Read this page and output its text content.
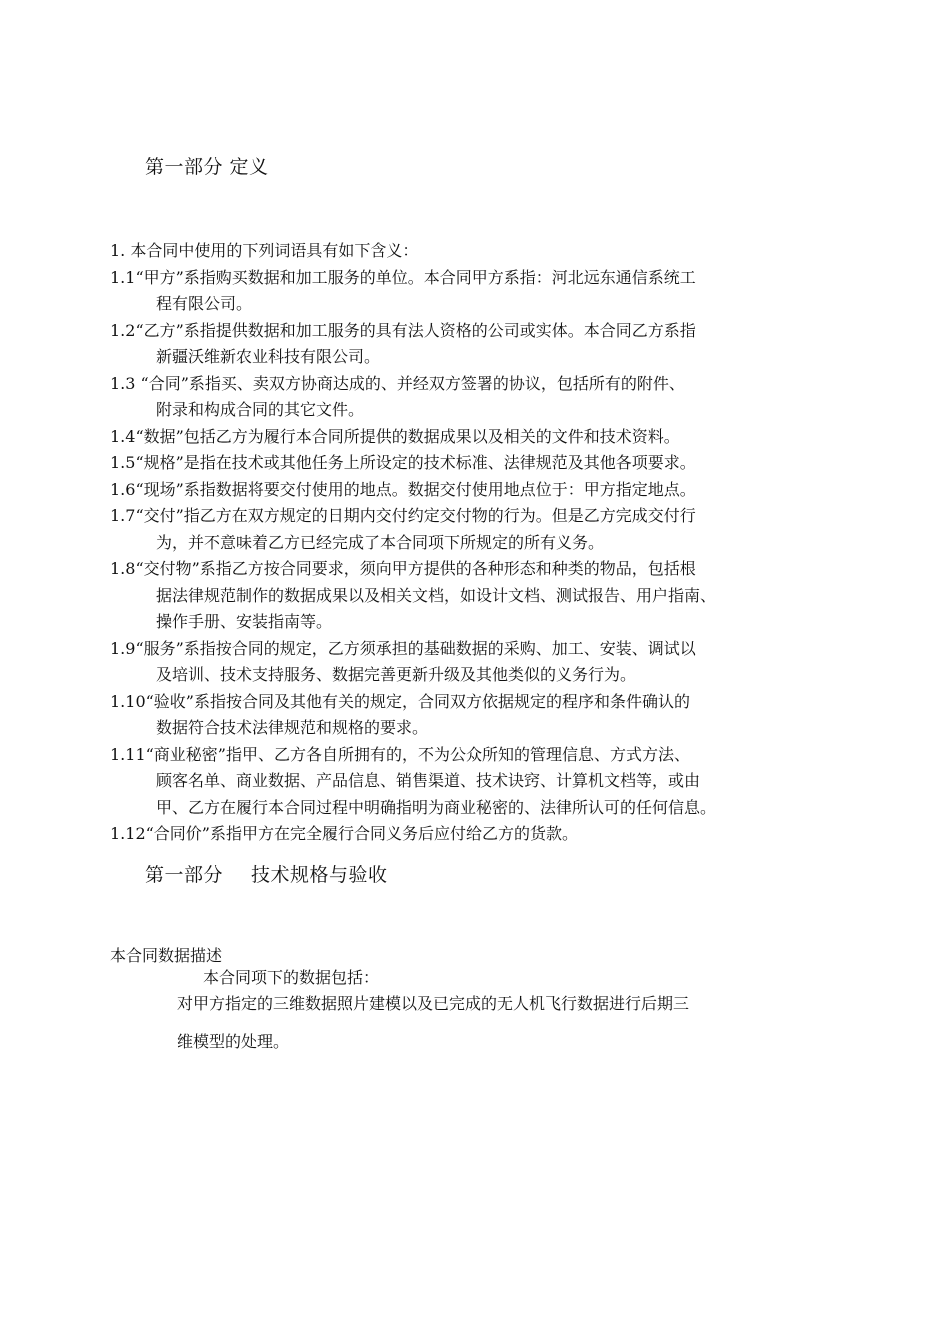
第一部分 定义
1. 本合同中使用的下列词语具有如下含义：
1.1“甲方”系指购买数据和加工服务的单位。本合同甲方系指：河北远东通信系统工
程有限公司。
1.2“乙方”系指提供数据和加工服务的具有法人资格的公司或实体。本合同乙方系指
新疆沃维新农业科技有限公司。
1.3 “合同”系指买、卖双方协商达成的、并经双方签署的协议，包括所有的附件、
附录和构成合同的其它文件。
1.4“数据”包括乙方为履行本合同所提供的数据成果以及相关的文件和技术资料。
1.5“规格”是指在技术或其他任务上所设定的技术标准、法律规范及其他各项要求。
1.6“现场”系指数据将要交付使用的地点。数据交付使用地点位于：甲方指定地点。
1.7“交付”指乙方在双方规定的日期内交付约定交付物的行为。但是乙方完成交付行
为，并不意味着乙方已经完成了本合同项下所规定的所有义务。
1.8“交付物”系指乙方按合同要求，须向甲方提供的各种形态和种类的物品，包括根
据法律规范制作的数据成果以及相关文档，如设计文档、测试报告、用户指南、
操作手册、安装指南等。
1.9“服务”系指按合同的规定，乙方须承担的基础数据的采购、加工、安装、调试以
及培训、技术支持服务、数据完善更新升级及其他类似的义务行为。
1.10“验收”系指按合同及其他有关的规定，合同双方依据规定的程序和条件确认的
数据符合技术法律规范和规格的要求。
1.11“商业秘密”指甲、乙方各自所拥有的，不为公众所知的管理信息、方式方法、
顾客名单、商业数据、产品信息、销售渠道、技术诀窍、计算机文档等，或由
甲、乙方在履行本合同过程中明确指明为商业秘密的、法律所认可的任何信息。
1.12“合同价”系指甲方在完全履行合同义务后应付给乙方的货款。
第一部分 技术规格与验收
本合同数据描述
本合同项下的数据包括：
对甲方指定的三维数据照片建模以及已完成的无人机飞行数据进行后期三
维模型的处理。
